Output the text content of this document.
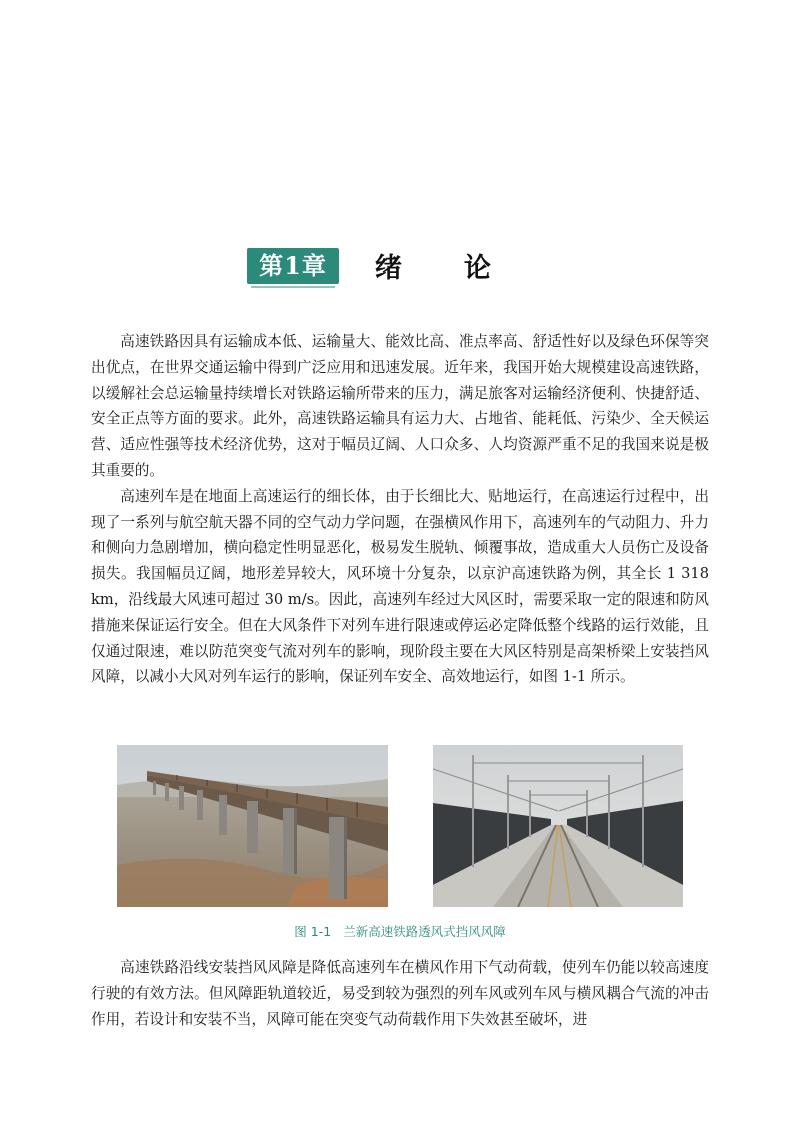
第1章	绪论

高速铁路因具有运输成本低、运输量大、能效比高、准点率高、舒适性好以及绿色环保等突出优点，在世界交通运输中得到广泛应用和迅速发展。近年来，我国开始大规模建设高速铁路，以缓解社会总运输量持续增长对铁路运输所带来的压力，满足旅客对运输经济便利、快捷舒适、安全正点等方面的要求。此外，高速铁路运输具有运力大、占地省、能耗低、污染少、全天候运营、适应性强等技术经济优势，这对于幅员辽阔、人口众多、人均资源严重不足的我国来说是极其重要的。

高速列车是在地面上高速运行的细长体，由于长细比大、贴地运行，在高速运行过程中，出现了一系列与航空航天器不同的空气动力学问题，在强横风作用下，高速列车的气动阻力、升力和侧向力急剧增加，横向稳定性明显恶化，极易发生脱轨、倾覆事故，造成重大人员伤亡及设备损失。我国幅员辽阔，地形差异较大，风环境十分复杂，以京沪高速铁路为例，其全长 1 318 km，沿线最大风速可超过 30 m/s。因此，高速列车经过大风区时，需要采取一定的限速和防风措施来保证运行安全。但在大风条件下对列车进行限速或停运必定降低整个线路的运行效能，且仅通过限速，难以防范突变气流对列车的影响，现阶段主要在大风区特别是高架桥梁上安装挡风风障，以减小大风对列车运行的影响，保证列车安全、高效地运行，如图 1-1 所示。

图 1-1 兰新高速铁路透风式挡风风障

高速铁路沿线安装挡风风障是降低高速列车在横风作用下气动荷载，使列车仍能以较高速度行驶的有效方法。但风障距轨道较近，易受到较为强烈的列车风或列车风与横风耦合气流的冲击作用，若设计和安装不当，风障可能在突变气动荷载作用下失效甚至破坏，进
